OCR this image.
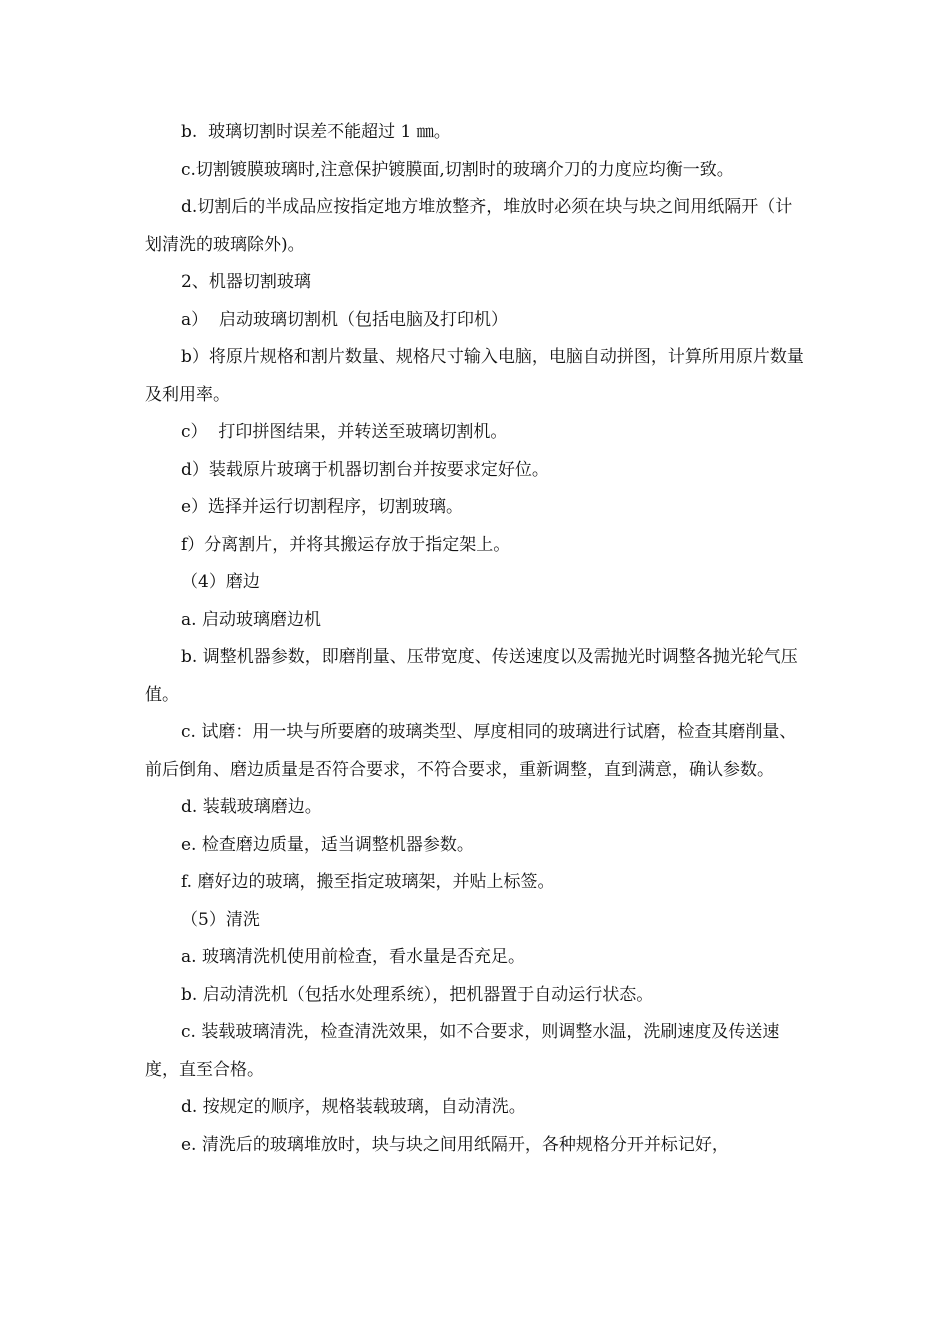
b.  玻璃切割时误差不能超过 1 ㎜。

c.切割镀膜玻璃时,注意保护镀膜面,切割时的玻璃介刀的力度应均衡一致。

d.切割后的半成品应按指定地方堆放整齐，堆放时必须在块与块之间用纸隔开（计划清洗的玻璃除外)。

2、机器切割玻璃

a）  启动玻璃切割机（包括电脑及打印机）

b）将原片规格和割片数量、规格尺寸输入电脑，电脑自动拼图，计算所用原片数量及利用率。

c）  打印拼图结果，并转送至玻璃切割机。

d）装载原片玻璃于机器切割台并按要求定好位。

e）选择并运行切割程序，切割玻璃。

f）分离割片，并将其搬运存放于指定架上。

（4）磨边

a. 启动玻璃磨边机

b. 调整机器参数，即磨削量、压带宽度、传送速度以及需抛光时调整各抛光轮气压值。

c. 试磨：用一块与所要磨的玻璃类型、厚度相同的玻璃进行试磨，检查其磨削量、前后倒角、磨边质量是否符合要求，不符合要求，重新调整，直到满意，确认参数。

d. 装载玻璃磨边。

e. 检查磨边质量，适当调整机器参数。

f. 磨好边的玻璃，搬至指定玻璃架，并贴上标签。

（5）清洗

a. 玻璃清洗机使用前检查，看水量是否充足。

b. 启动清洗机（包括水处理系统），把机器置于自动运行状态。

c. 装载玻璃清洗，检查清洗效果，如不合要求，则调整水温，洗刷速度及传送速度，直至合格。

d. 按规定的顺序，规格装载玻璃，自动清洗。

e. 清洗后的玻璃堆放时，块与块之间用纸隔开，各种规格分开并标记好，
